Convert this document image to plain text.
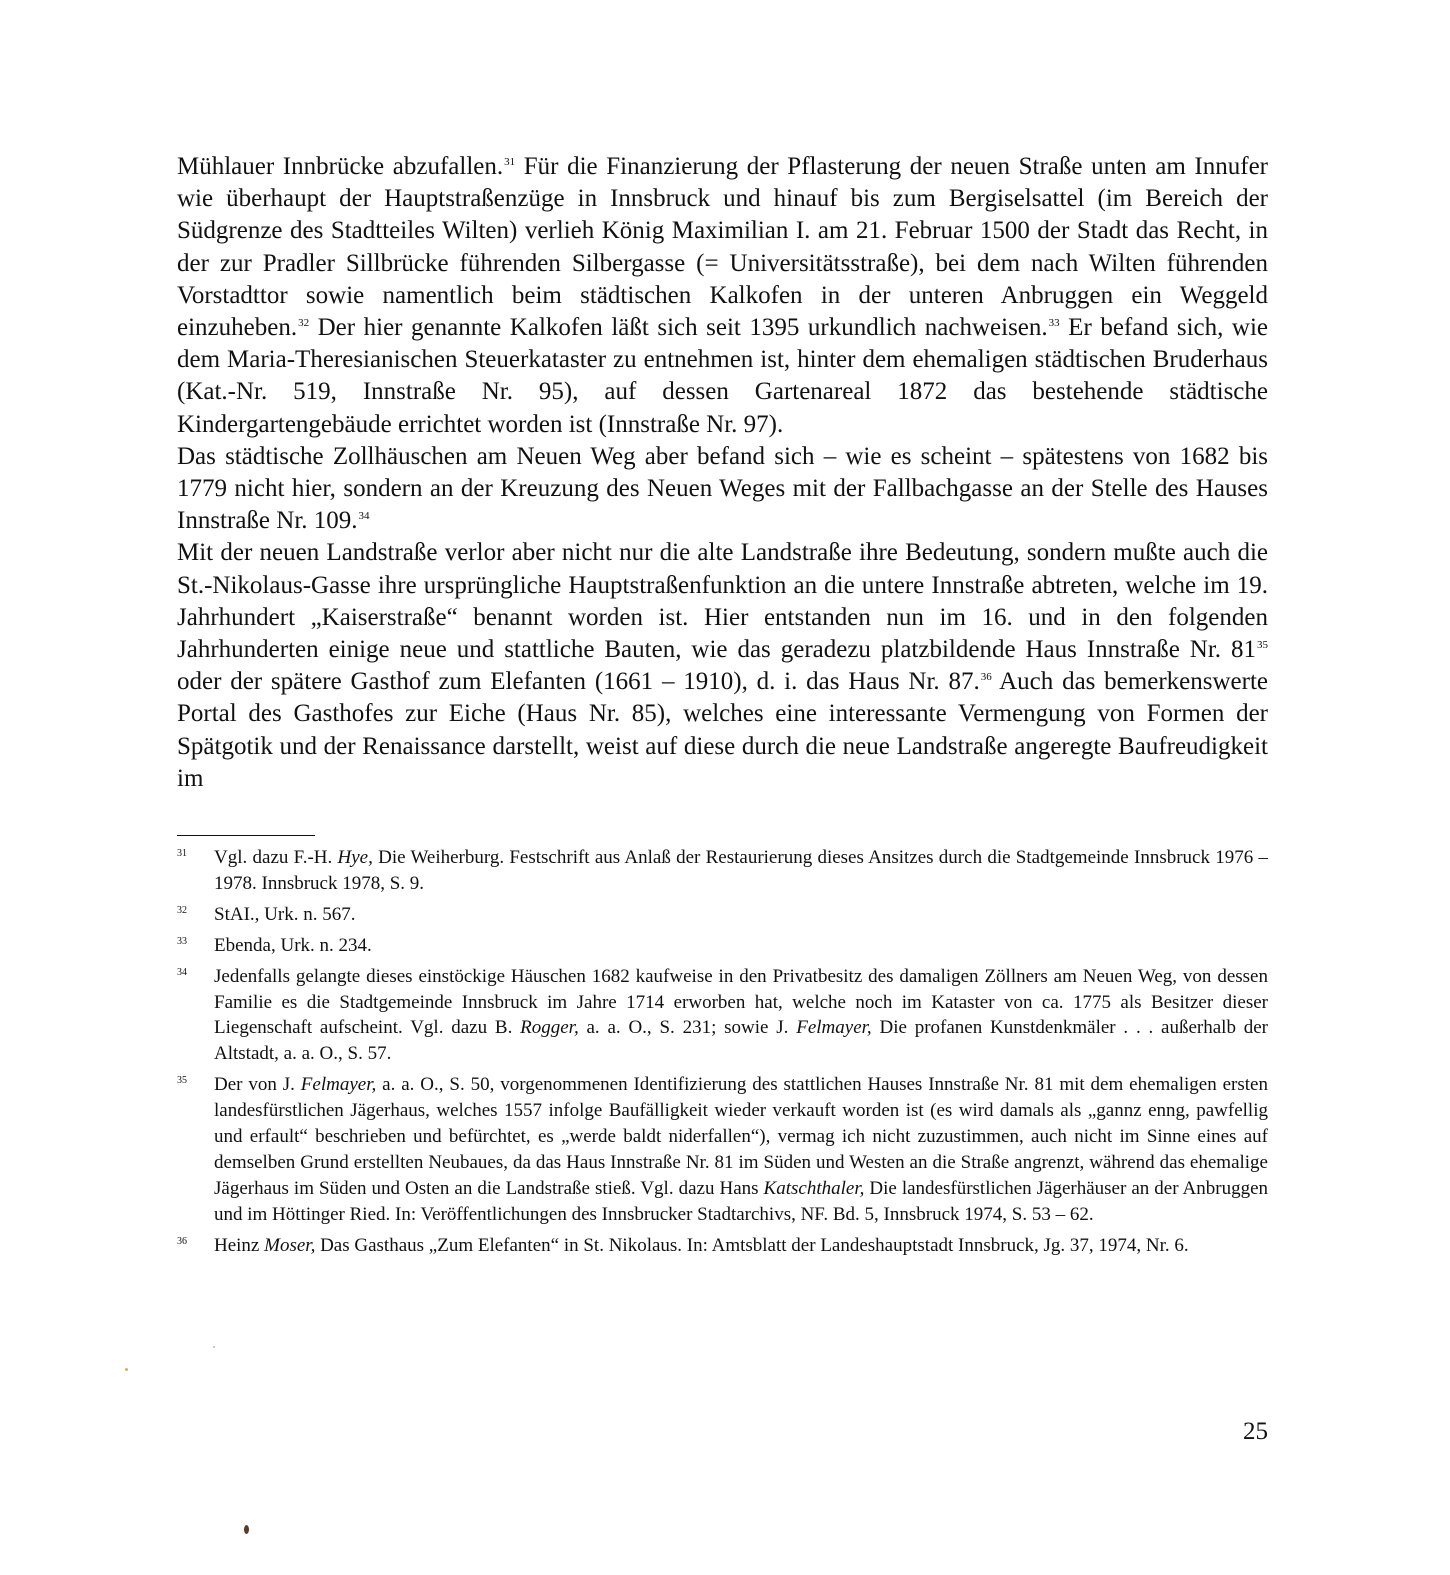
Mühlauer Innbrücke abzufallen.$^{31}$ Für die Finanzierung der Pflasterung der neuen Straße unten am Innufer wie überhaupt der Hauptstraßenzüge in Innsbruck und hinauf bis zum Bergiselsattel (im Bereich der Südgrenze des Stadtteiles Wilten) verlieh König Maximilian I. am 21. Februar 1500 der Stadt das Recht, in der zur Pradler Sillbrücke führenden Silbergasse (= Universitätsstraße), bei dem nach Wilten führenden Vorstadttor sowie namentlich beim städtischen Kalkofen in der unteren Anbruggen ein Weggeld einzuheben.$^{32}$ Der hier genannte Kalkofen läßt sich seit 1395 urkundlich nachweisen.$^{33}$ Er befand sich, wie dem Maria-Theresianischen Steuerkataster zu entnehmen ist, hinter dem ehemaligen städtischen Bruderhaus (Kat.-Nr. 519, Innstraße Nr. 95), auf dessen Gartenareal 1872 das bestehende städtische Kindergartengebäude errichtet worden ist (Innstraße Nr. 97).

Das städtische Zollhäuschen am Neuen Weg aber befand sich – wie es scheint – spätestens von 1682 bis 1779 nicht hier, sondern an der Kreuzung des Neuen Weges mit der Fallbachgasse an der Stelle des Hauses Innstraße Nr. 109.34

Mit der neuen Landstraße verlor aber nicht nur die alte Landstraße ihre Bedeutung, sondern mußte auch die St.-Nikolaus-Gasse ihre ursprüngliche Hauptstraßenfunktion an die untere Innstraße abtreten, welche im 19. Jahrhundert „Kaiserstraße“ benannt worden ist. Hier entstanden nun im 16. und in den folgenden Jahrhunderten einige neue und stattliche Bauten, wie das geradezu platzbildende Haus Innstraße Nr. 81$^{35}$ oder der spätere Gasthof zum Elefanten (1661 – 1910), d. i. das Haus Nr. 87.36 Auch das bemerkenswerte Portal des Gasthofes zur Eiche (Haus Nr. 85), welches eine interessante Vermengung von Formen der Spätgotik und der Renaissance darstellt, weist auf diese durch die neue Landstraße angeregte Baufreudigkeit im

31 Vgl. dazu F.-H. Hye, Die Weiherburg. Festschrift aus Anlaß der Restaurierung dieses Ansitzes durch die Stadtgemeinde Innsbruck 1976 – 1978. Innsbruck 1978, S. 9.
32 StAI., Urk. n. 567.
33 Ebenda, Urk. n. 234.
34 Jedenfalls gelangte dieses einstöckige Häuschen 1682 kaufweise in den Privatbesitz des damaligen Zöllners am Neuen Weg, von dessen Familie es die Stadtgemeinde Innsbruck im Jahre 1714 erworben hat, welche noch im Kataster von ca. 1775 als Besitzer dieser Liegenschaft aufscheint. Vgl. dazu B. Rogger, a. a. O., S. 231; sowie J. Felmayer, Die profanen Kunstdenkmäler . . . außerhalb der Altstadt, a. a. O., S. 57.
35 Der von J. Felmayer, a. a. O., S. 50, vorgenommenen Identifizierung des stattlichen Hauses Innstraße Nr. 81 mit dem ehemaligen ersten landesfürstlichen Jägerhaus, welches 1557 infolge Baufälligkeit wieder verkauft worden ist (es wird damals als „gannz enng, pawfellig und erfault“ beschrieben und befürchtet, es „werde baldt niderfallen“), vermag ich nicht zuzustimmen, auch nicht im Sinne eines auf demselben Grund erstellten Neubaues, da das Haus Innstraße Nr. 81 im Süden und Westen an die Straße angrenzt, während das ehemalige Jägerhaus im Süden und Osten an die Landstraße stieß. Vgl. dazu Hans Katschthaler, Die landesfürstlichen Jägerhäuser an der Anbruggen und im Höttinger Ried. In: Veröffentlichungen des Innsbrucker Stadtarchivs, NF. Bd. 5, Innsbruck 1974, S. 53 – 62.
36 Heinz Moser, Das Gasthaus „Zum Elefanten“ in St. Nikolaus. In: Amtsblatt der Landeshauptstadt Innsbruck, Jg. 37, 1974, Nr. 6.
25
